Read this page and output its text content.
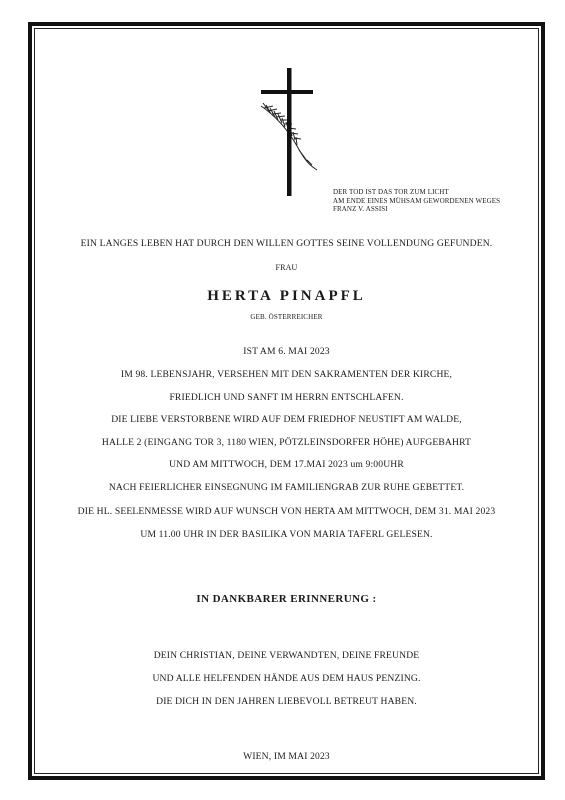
DER TOD IST DAS TOR ZUM LICHT
AM ENDE EINES MÜHSAM GEWORDENEN WEGES
FRANZ V. ASSISI
EIN LANGES LEBEN HAT DURCH DEN WILLEN GOTTES SEINE VOLLENDUNG GEFUNDEN.
FRAU
HERTA PINAPFL
GEB. ÖSTERREICHER
IST AM 6. MAI 2023
IM 98. LEBENSJAHR, VERSEHEN MIT DEN SAKRAMENTEN DER KIRCHE,
FRIEDLICH UND SANFT IM HERRN ENTSCHLAFEN.
DIE LIEBE VERSTORBENE WIRD AUF DEM FRIEDHOF NEUSTIFT AM WALDE,
HALLE 2 (EINGANG TOR 3, 1180 WIEN, PÖTZLEINSDORFER HÖHE) AUFGEBAHRT
UND AM MITTWOCH, DEM 17.MAI 2023 um 9:00UHR
NACH FEIERLICHER EINSEGNUNG IM FAMILIENGRAB ZUR RUHE GEBETTET.
DIE HL. SEELENMESSE WIRD AUF WUNSCH VON HERTA AM MITTWOCH, DEM 31. MAI 2023
UM 11.00 UHR IN DER BASILIKA VON MARIA TAFERL GELESEN.
IN DANKBARER ERINNERUNG :
DEIN CHRISTIAN, DEINE VERWANDTEN, DEINE FREUNDE
UND ALLE HELFENDEN HÄNDE AUS DEM HAUS PENZING.
DIE DICH IN DEN JAHREN LIEBEVOLL BETREUT HABEN.
WIEN, IM MAI 2023
